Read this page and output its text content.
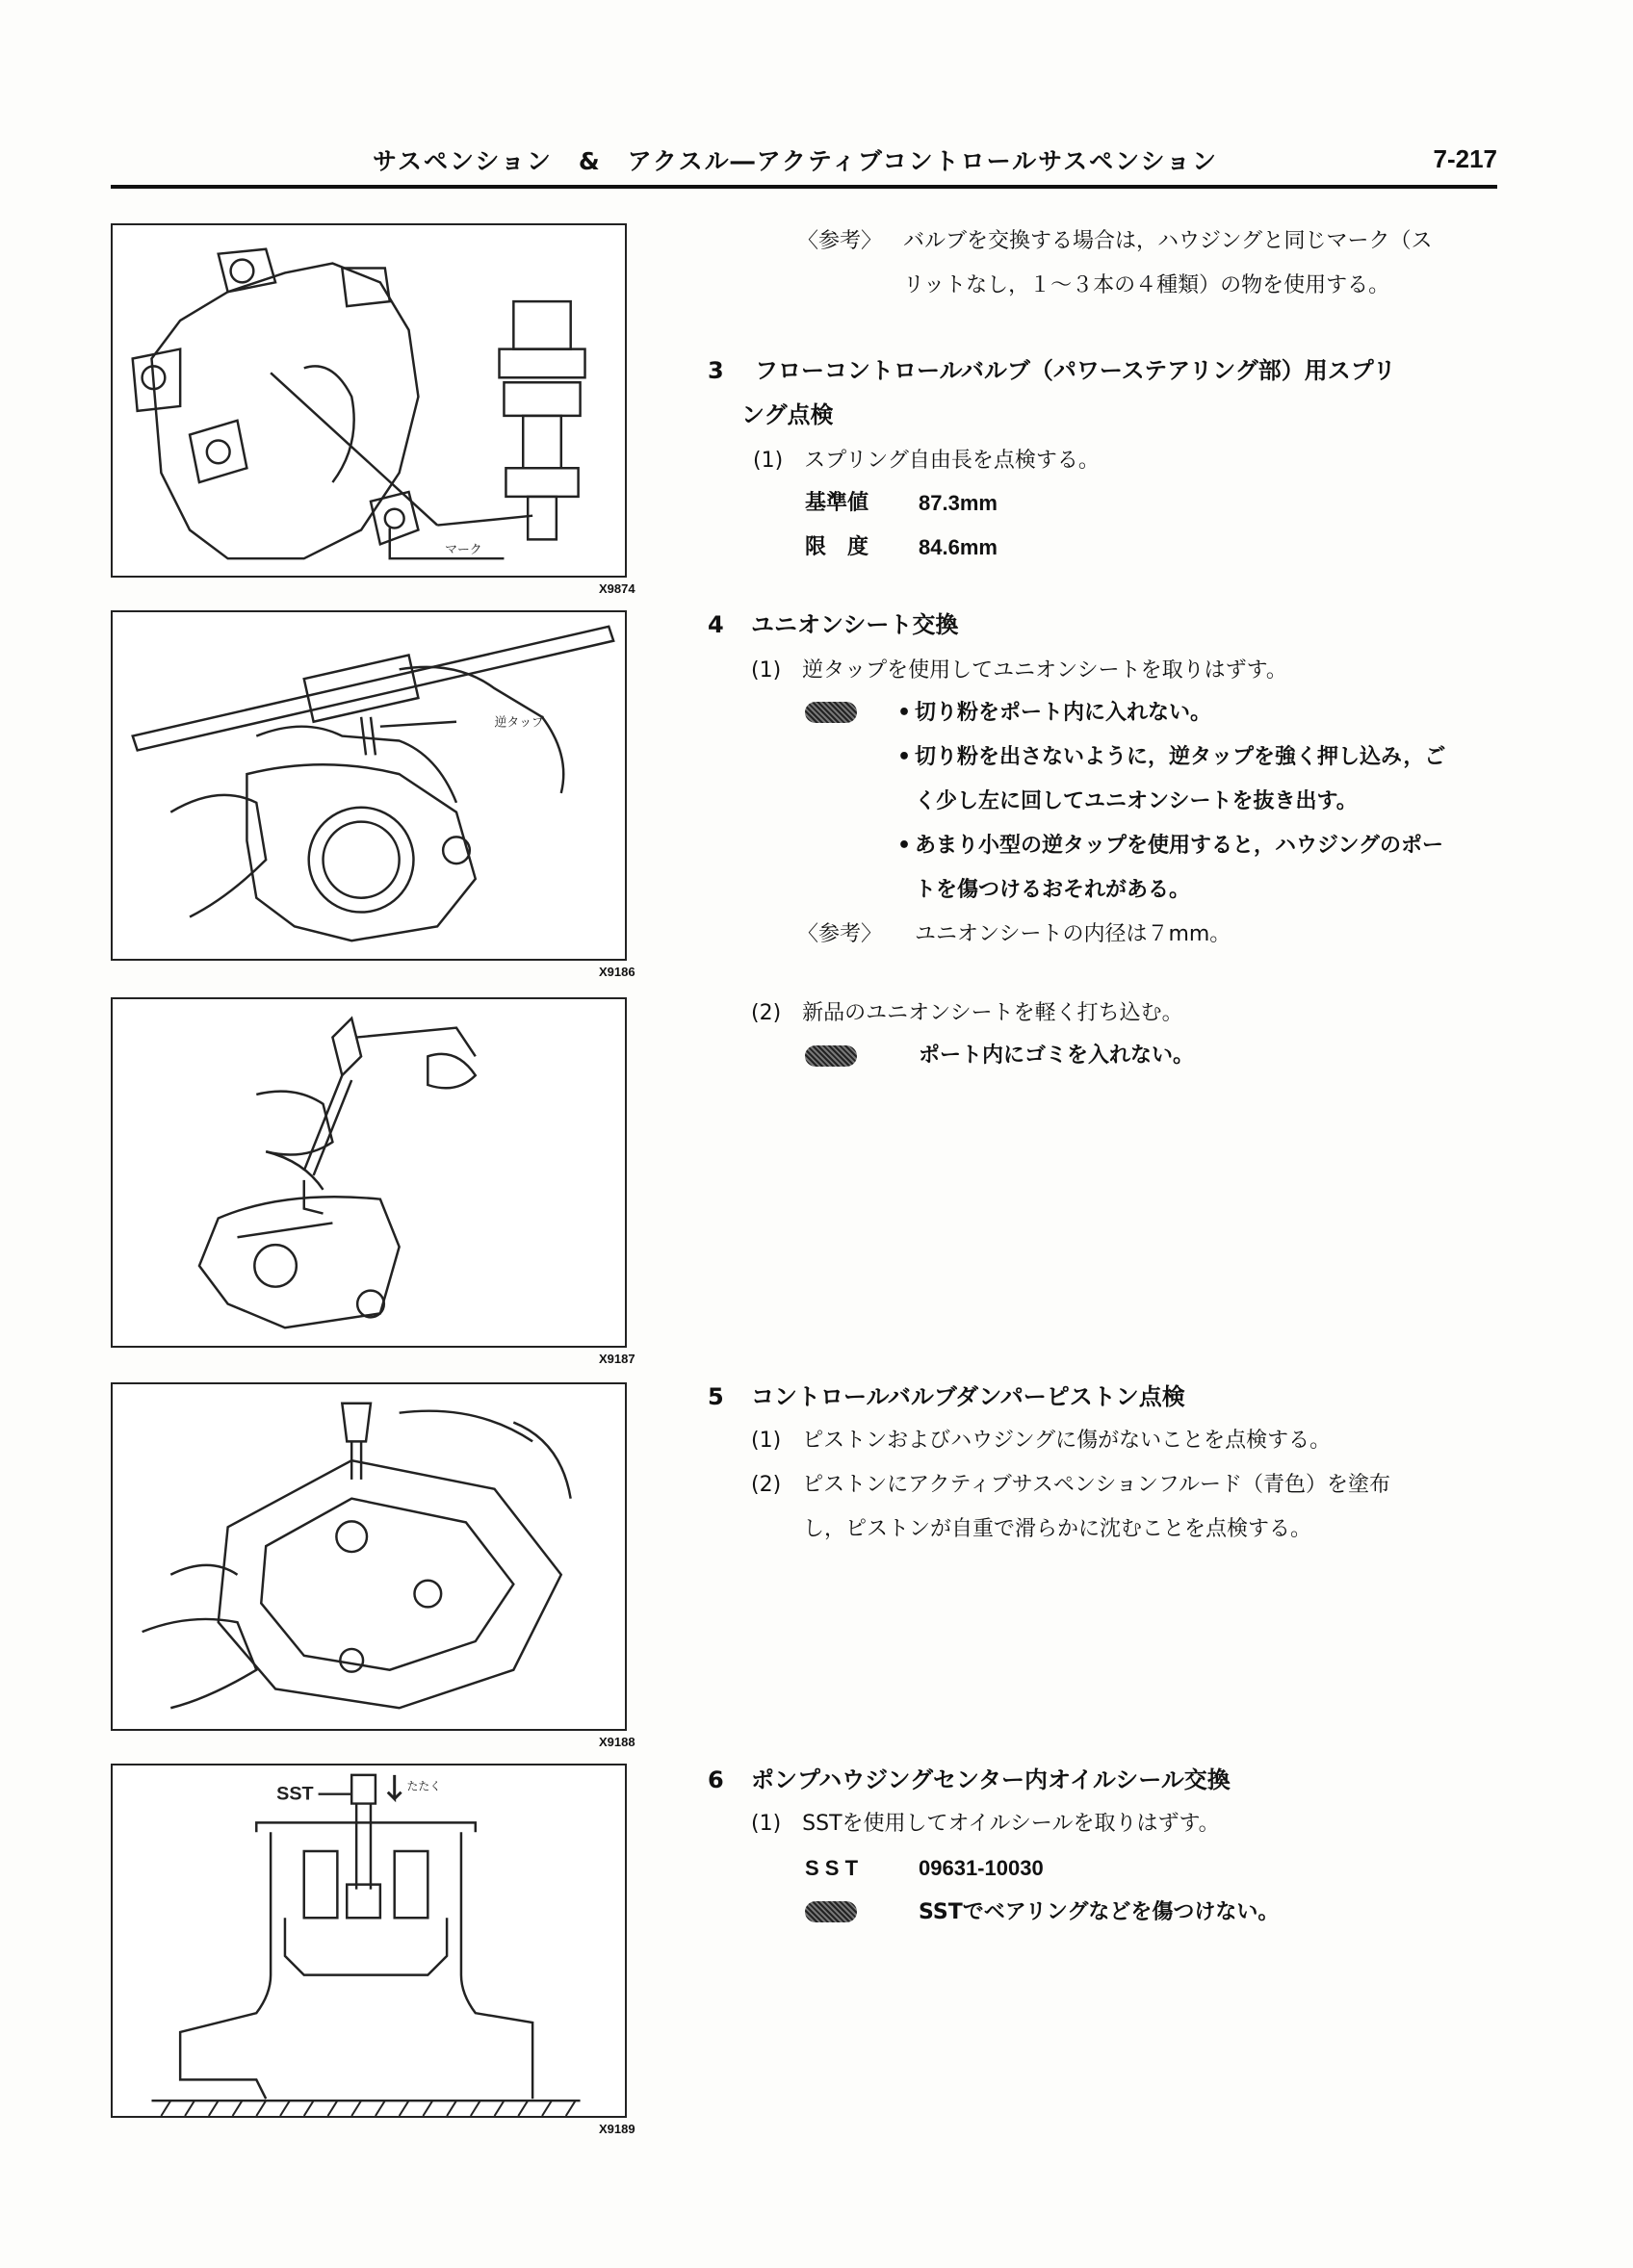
サスペンション　&　アクスル―アクティブコントロールサスペンション	7-217
マーク
X9874
逆タップ
X9186
X9187
X9188
SST	たたく
X9189
〈参考〉 バルブを交換する場合は，ハウジングと同じマーク（ス
リットなし，１～３本の４種類）の物を使用する。
3 フローコントロールバルブ（パワーステアリング部）用スプリ
ング点検
(1)　スプリング自由長を点検する。
基準値 87.3mm
限　度 84.6mm
4 ユニオンシート交換
(1)　逆タップを使用してユニオンシートを取りはずす。
• 切り粉をポート内に入れない。
• 切り粉を出さないように，逆タップを強く押し込み，ご
く少し左に回してユニオンシートを抜き出す。
• あまり小型の逆タップを使用すると，ハウジングのポー
トを傷つけるおそれがある。
〈参考〉 ユニオンシートの内径は７mm。
(2)　新品のユニオンシートを軽く打ち込む。
ポート内にゴミを入れない。
5 コントロールバルブダンパーピストン点検
(1)　ピストンおよびハウジングに傷がないことを点検する。
(2)　ピストンにアクティブサスペンションフルード（青色）を塗布
し，ピストンが自重で滑らかに沈むことを点検する。
6 ポンプハウジングセンター内オイルシール交換
(1)　SSTを使用してオイルシールを取りはずす。
S S T	09631-10030
SSTでベアリングなどを傷つけない。
